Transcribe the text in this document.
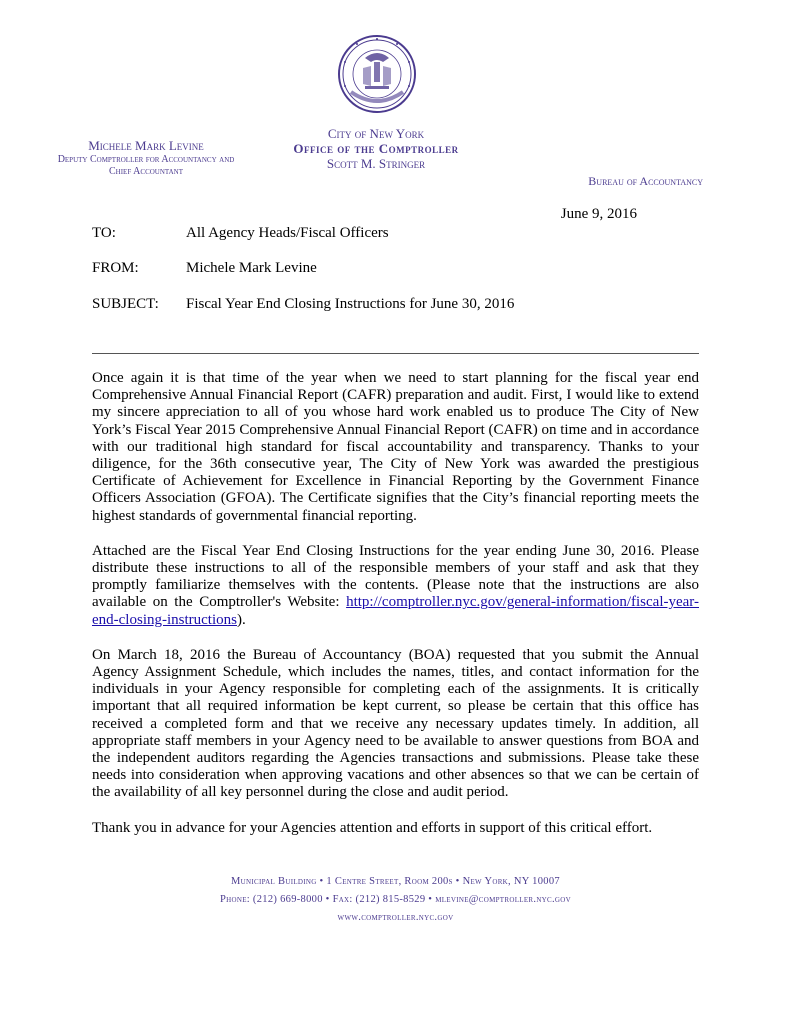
Michele Mark Levine
Deputy Comptroller for Accountancy and Chief Accountant
City of New York
Office of the Comptroller
Scott M. Stringer
Bureau of Accountancy
June 9, 2016
TO:	All Agency Heads/Fiscal Officers
FROM:	Michele Mark Levine
SUBJECT: Fiscal Year End Closing Instructions for June 30, 2016

Once again it is that time of the year when we need to start planning for the fiscal year end Comprehensive Annual Financial Report (CAFR) preparation and audit. First, I would like to extend my sincere appreciation to all of you whose hard work enabled us to produce The City of New York’s Fiscal Year 2015 Comprehensive Annual Financial Report (CAFR) on time and in accordance with our traditional high standard for fiscal accountability and transparency. Thanks to your diligence, for the 36th consecutive year, The City of New York was awarded the prestigious Certificate of Achievement for Excellence in Financial Reporting by the Government Finance Officers Association (GFOA). The Certificate signifies that the City’s financial reporting meets the highest standards of governmental financial reporting.

Attached are the Fiscal Year End Closing Instructions for the year ending June 30, 2016. Please distribute these instructions to all of the responsible members of your staff and ask that they promptly familiarize themselves with the contents. (Please note that the instructions are also available on the Comptroller's Website: http://comptroller.nyc.gov/general-information/fiscal-year-end-closing-instructions).

On March 18, 2016 the Bureau of Accountancy (BOA) requested that you submit the Annual Agency Assignment Schedule, which includes the names, titles, and contact information for the individuals in your Agency responsible for completing each of the assignments. It is critically important that all required information be kept current, so please be certain that this office has received a completed form and that we receive any necessary updates timely. In addition, all appropriate staff members in your Agency need to be available to answer questions from BOA and the independent auditors regarding the Agencies transactions and submissions. Please take these needs into consideration when approving vacations and other absences so that we can be certain of the availability of all key personnel during the close and audit period.

Thank you in advance for your Agencies attention and efforts in support of this critical effort.

Municipal Building • 1 Centre Street, Room 200s • New York, NY 10007
Phone: (212) 669-8000 • Fax: (212) 815-8529 • mlevine@comptroller.nyc.gov
www.comptroller.nyc.gov
